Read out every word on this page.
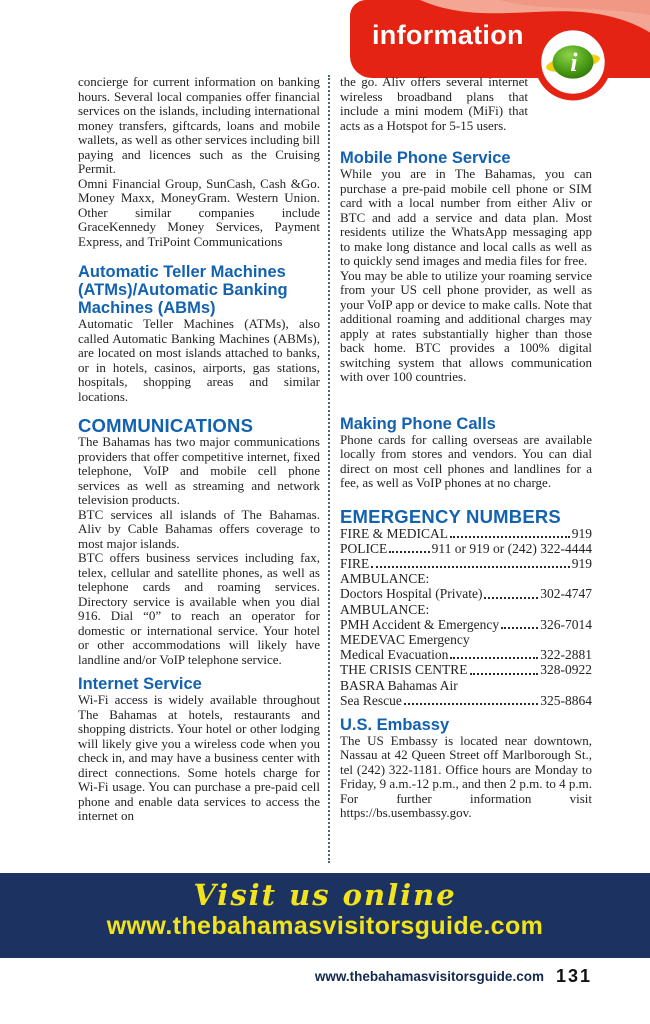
information
i

concierge for current information on banking hours. Several local companies offer financial services on the islands, including international money transfers, giftcards, loans and mobile wallets, as well as other services including bill paying and licences such as the Cruising Permit.

Omni Financial Group, SunCash, Cash &Go. Money Maxx, MoneyGram. Western Union. Other similar companies include GraceKennedy Money Services, Payment Express, and TriPoint Communications

Automatic Teller Machines (ATMs)/Automatic Banking Machines (ABMs)

Automatic Teller Machines (ATMs), also called Automatic Banking Machines (ABMs), are located on most islands attached to banks, or in hotels, casinos, airports, gas stations, hospitals, shopping areas and similar locations.

COMMUNICATIONS

The Bahamas has two major communications providers that offer competitive internet, fixed telephone, VoIP and mobile cell phone services as well as streaming and network television products.

BTC services all islands of The Bahamas. Aliv by Cable Bahamas offers coverage to most major islands.

BTC offers business services including fax, telex, cellular and satellite phones, as well as telephone cards and roaming services. Directory service is available when you dial 916. Dial “0” to reach an operator for domestic or international service. Your hotel or other accommodations will likely have landline and/or VoIP telephone service.

Internet Service

Wi-Fi access is widely available throughout The Bahamas at hotels, restaurants and shopping districts. Your hotel or other lodging will likely give you a wireless code when you check in, and may have a business center with direct connections. Some hotels charge for Wi-Fi usage. You can purchase a pre-paid cell phone and enable data services to access the internet on

the go. Aliv offers several internet wireless broadband plans that include a mini modem (MiFi) that acts as a Hotspot for 5-15 users.

Mobile Phone Service

While you are in The Bahamas, you can purchase a pre-paid mobile cell phone or SIM card with a local number from either Aliv or BTC and add a service and data plan. Most residents utilize the WhatsApp messaging app to make long distance and local calls as well as to quickly send images and media files for free.

You may be able to utilize your roaming service from your US cell phone provider, as well as your VoIP app or device to make calls. Note that additional roaming and additional charges may apply at rates substantially higher than those back home. BTC provides a 100% digital switching system that allows communication with over 100 countries.

Making Phone Calls

Phone cards for calling overseas are available locally from stores and vendors. You can dial direct on most cell phones and landlines for a fee, as well as VoIP phones at no charge.

EMERGENCY NUMBERS
FIRE & MEDICAL	919
POLICE	911 or 919 or (242) 322-4444
FIRE	919
AMBULANCE:
Doctors Hospital (Private)	302-4747
AMBULANCE:
PMH Accident & Emergency	326-7014
MEDEVAC Emergency
Medical Evacuation	322-2881
THE CRISIS CENTRE	328-0922
BASRA Bahamas Air
Sea Rescue	325-8864
U.S. Embassy

The US Embassy is located near downtown, Nassau at 42 Queen Street off Marlborough St., tel (242) 322-1181. Office hours are Monday to Friday, 9 a.m.-12 p.m., and then 2 p.m. to 4 p.m. For further information visit https://bs.usembassy.gov.

Visit us online
www.thebahamasvisitorsguide.com
www.thebahamasvisitorsguide.com 131
